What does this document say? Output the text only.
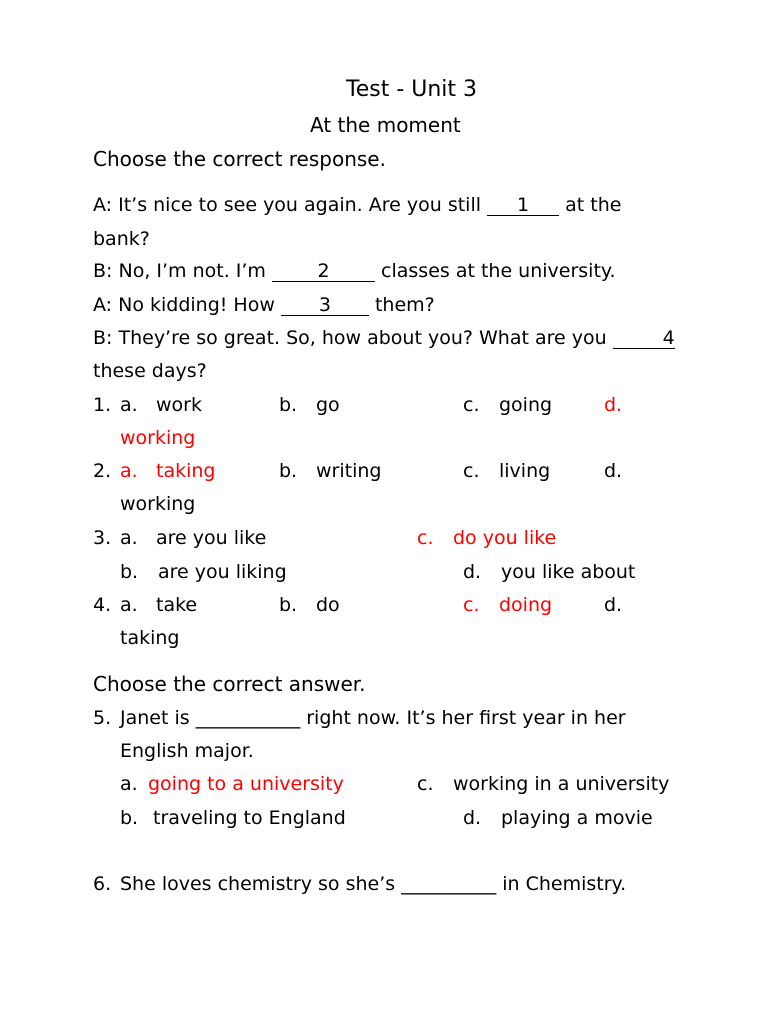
Test - Unit 3
At the moment
Choose the correct response.
A: It’s nice to see you again. Are you still 1 at the
bank?
B: No, I’m not. I’m	2	classes at the university.
A: No kidding! How 3 them?
B: They’re so great. So, how about you? What are you	4
these days?
1. a. work	b. go	c. going	d.
working
2. a. taking	b. writing	c. living	d.
working
3. a. are you like	c. do you like
b. are you liking	d. you like about
4. a. take	b. do	c. doing	d.
taking
Choose the correct answer.
5. Janet is ___________ right now. It’s her first year in her
English major.
a. going to a university	c. working in a university
b. traveling to England	d. playing a movie
6. She loves chemistry so she’s __________ in Chemistry.
